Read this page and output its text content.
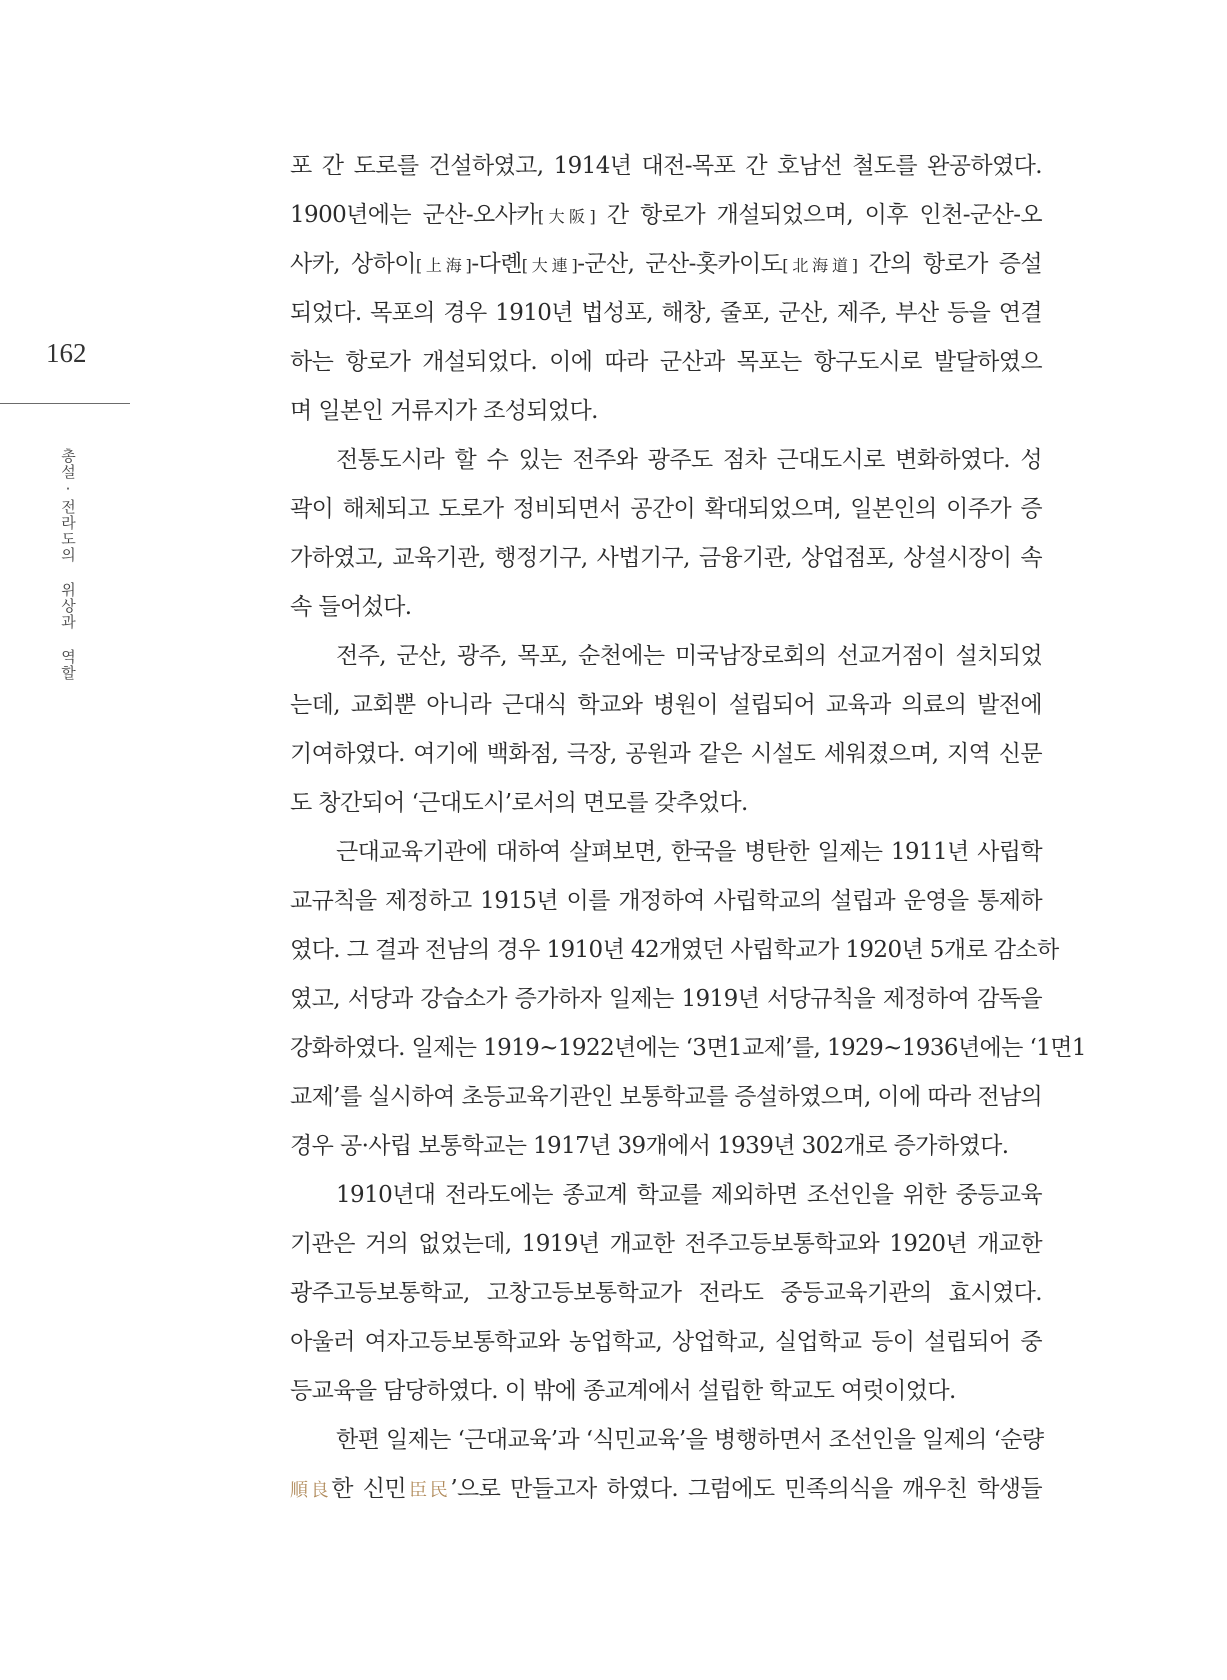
162
총설·전라도의 위상과 역할
포 간 도로를 건설하였고, 1914년 대전-목포 간 호남선 철도를 완공하였다.
1900년에는 군산-오사카[大阪] 간 항로가 개설되었으며, 이후 인천-군산-오
사카, 상하이[上海]-다롄[大連]-군산, 군산-홋카이도[北海道] 간의 항로가 증설
되었다. 목포의 경우 1910년 법성포, 해창, 줄포, 군산, 제주, 부산 등을 연결
하는 항로가 개설되었다. 이에 따라 군산과 목포는 항구도시로 발달하였으
며 일본인 거류지가 조성되었다.
전통도시라 할 수 있는 전주와 광주도 점차 근대도시로 변화하였다. 성
곽이 해체되고 도로가 정비되면서 공간이 확대되었으며, 일본인의 이주가 증
가하였고, 교육기관, 행정기구, 사법기구, 금융기관, 상업점포, 상설시장이 속
속 들어섰다.
전주, 군산, 광주, 목포, 순천에는 미국남장로회의 선교거점이 설치되었
는데, 교회뿐 아니라 근대식 학교와 병원이 설립되어 교육과 의료의 발전에
기여하였다. 여기에 백화점, 극장, 공원과 같은 시설도 세워졌으며, 지역 신문
도 창간되어 ‘근대도시’로서의 면모를 갖추었다.
근대교육기관에 대하여 살펴보면, 한국을 병탄한 일제는 1911년 사립학
교규칙을 제정하고 1915년 이를 개정하여 사립학교의 설립과 운영을 통제하
였다. 그 결과 전남의 경우 1910년 42개였던 사립학교가 1920년 5개로 감소하
였고, 서당과 강습소가 증가하자 일제는 1919년 서당규칙을 제정하여 감독을
강화하였다. 일제는 1919~1922년에는 ‘3면1교제’를, 1929~1936년에는 ‘1면1
교제’를 실시하여 초등교육기관인 보통학교를 증설하였으며, 이에 따라 전남의
경우 공·사립 보통학교는 1917년 39개에서 1939년 302개로 증가하였다.
1910년대 전라도에는 종교계 학교를 제외하면 조선인을 위한 중등교육
기관은 거의 없었는데, 1919년 개교한 전주고등보통학교와 1920년 개교한
광주고등보통학교, 고창고등보통학교가 전라도 중등교육기관의 효시였다.
아울러 여자고등보통학교와 농업학교, 상업학교, 실업학교 등이 설립되어 중
등교육을 담당하였다. 이 밖에 종교계에서 설립한 학교도 여럿이었다.
한편 일제는 ‘근대교육’과 ‘식민교육’을 병행하면서 조선인을 일제의 ‘순량
順良한 신민臣民’으로 만들고자 하였다. 그럼에도 민족의식을 깨우친 학생들
